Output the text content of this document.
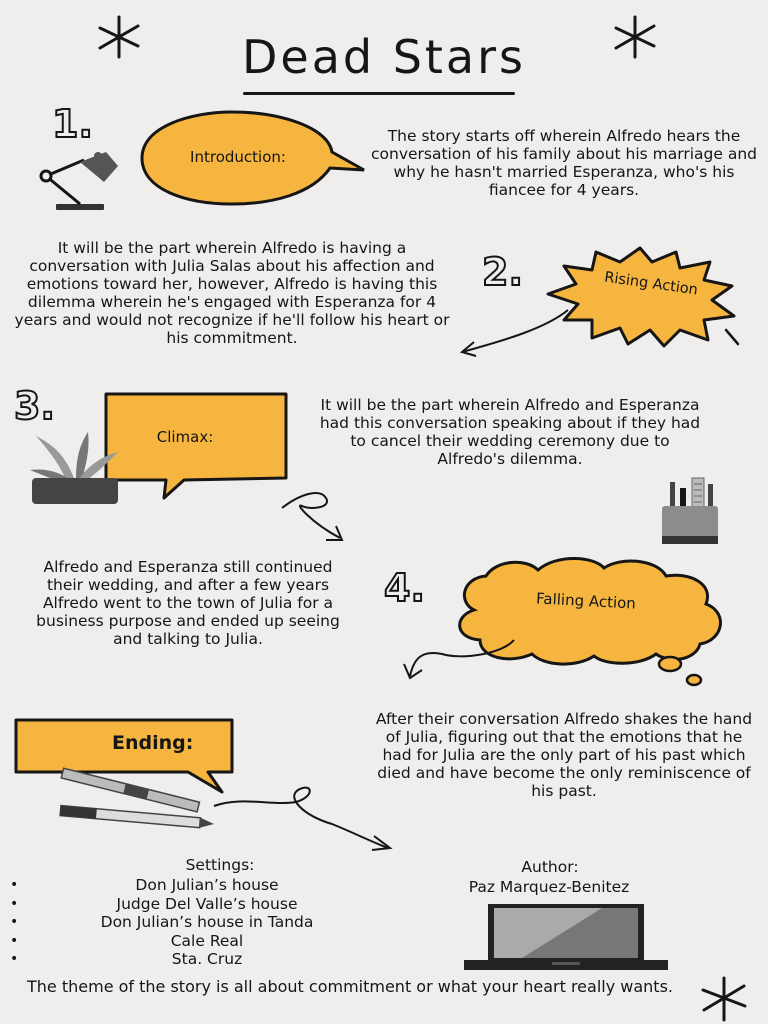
Dead Stars
1.
Introduction:
The story starts off wherein Alfredo hears the conversation of his family about his marriage and why he hasn't married Esperanza, who's his fiancee for 4 years.
It will be the part wherein Alfredo is having a conversation with Julia Salas about his affection and emotions toward her, however, Alfredo is having this dilemma wherein he's engaged with Esperanza for 4 years and would not recognize if he'll follow his heart or his commitment.
2.	Rising Action
3.
Climax:
It will be the part wherein Alfredo and Esperanza had this conversation speaking about if they had to cancel their wedding ceremony due to Alfredo's dilemma.
Alfredo and Esperanza still continued their wedding, and after a few years Alfredo went to the town of Julia for a business purpose and ended up seeing and talking to Julia.
4.	Falling Action
Ending:
After their conversation Alfredo shakes the hand of Julia, figuring out that the emotions that he had for Julia are the only part of his past which died and have become the only reminiscence of his past.
Settings:
• Don Julian’s house
• Judge Del Valle’s house
• Don Julian’s house in Tanda
• Cale Real
• Sta. Cruz
Author:
Paz Marquez-Benitez
The theme of the story is all about commitment or what your heart really wants.
